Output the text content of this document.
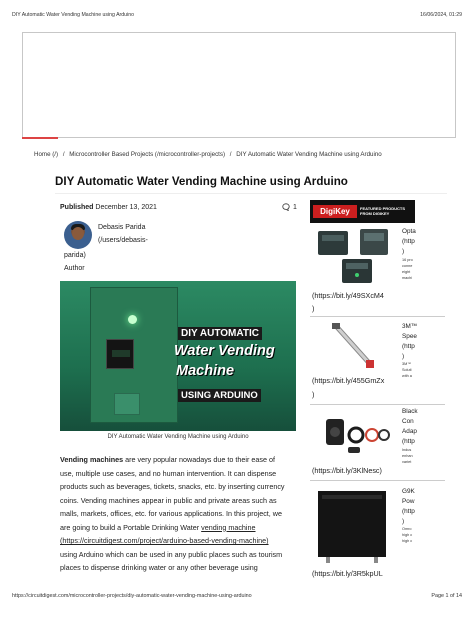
DIY Automatic Water Vending Machine using Arduino	16/06/2024, 01:29
Home (/) / Microcontroller Based Projects (/microcontroller-projects) / DIY Automatic Water Vending Machine using Arduino
DIY Automatic Water Vending Machine using Arduino
Published December 13, 2021	1
Debasis Parida
(/users/debasis-
parida)
Author
DIY AUTOMATIC
Water Vending
Machine
USING ARDUINO
DIY Automatic Water Vending Machine using Arduino
Vending machines are very popular nowadays due to their ease of
use, multiple use cases, and no human intervention. It can dispense
products such as beverages, tickets, snacks, etc. by inserting currency
coins. Vending machines appear in public and private areas such as
malls, markets, offices, etc. for various applications. In this project, we
are going to build a Portable Drinking Water vending machine
(https://circuitdigest.com/project/arduino-based-vending-machine)
using Arduino which can be used in any public places such as tourism
places to dispense drinking water or any other beverage using
DigiKey	FEATURED PRODUCTS
FROM DIGIKEY
Opta
(http
)
16 pro
conne
eight
machi
(https://bit.ly/49SXcM4
)
3M™
Spee
(http
)
3M™
Soluti
with a
(https://bit.ly/455GmZx
)
Black
Con
Adap
(http
Indus
enhan
variet
(https://bit.ly/3KlNesc)
G9K
Pow
(http
)
Omro
high c
high c
(https://bit.ly/3R5kpUL
https://circuitdigest.com/microcontroller-projects/diy-automatic-water-vending-machine-using-arduino	Page 1 of 14
